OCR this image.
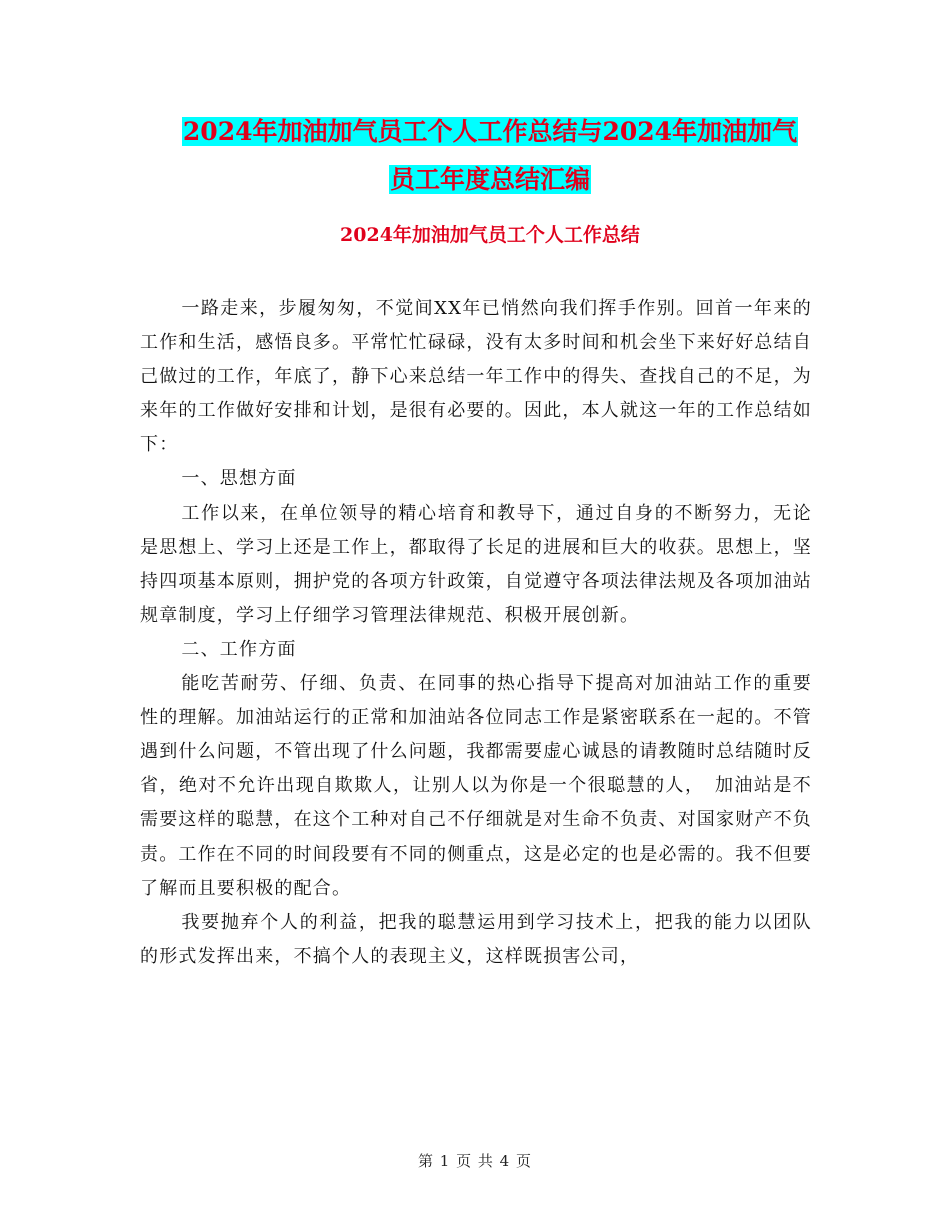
2024年加油加气员工个人工作总结与2024年加油加气
员工年度总结汇编
2024年加油加气员工个人工作总结

一路走来，步履匆匆，不觉间XX年已悄然向我们挥手作别。回首一年来的工作和生活，感悟良多。平常忙忙碌碌，没有太多时间和机会坐下来好好总结自己做过的工作，年底了，静下心来总结一年工作中的得失、查找自己的不足，为来年的工作做好安排和计划，是很有必要的。因此，本人就这一年的工作总结如下：

一、思想方面

工作以来，在单位领导的精心培育和教导下，通过自身的不断努力，无论是思想上、学习上还是工作上，都取得了长足的进展和巨大的收获。思想上，坚持四项基本原则，拥护党的各项方针政策，自觉遵守各项法律法规及各项加油站规章制度，学习上仔细学习管理法律规范、积极开展创新。

二、工作方面

能吃苦耐劳、仔细、负责、在同事的热心指导下提高对加油站工作的重要性的理解。加油站运行的正常和加油站各位同志工作是紧密联系在一起的。不管遇到什么问题，不管出现了什么问题，我都需要虚心诚恳的请教随时总结随时反省，绝对不允许出现自欺欺人，让别人以为你是一个很聪慧的人，　加油站是不需要这样的聪慧，在这个工种对自己不仔细就是对生命不负责、对国家财产不负责。工作在不同的时间段要有不同的侧重点，这是必定的也是必需的。我不但要了解而且要积极的配合。

我要抛弃个人的利益，把我的聪慧运用到学习技术上，把我的能力以团队的形式发挥出来，不搞个人的表现主义，这样既损害公司，

第 1 页 共 4 页
